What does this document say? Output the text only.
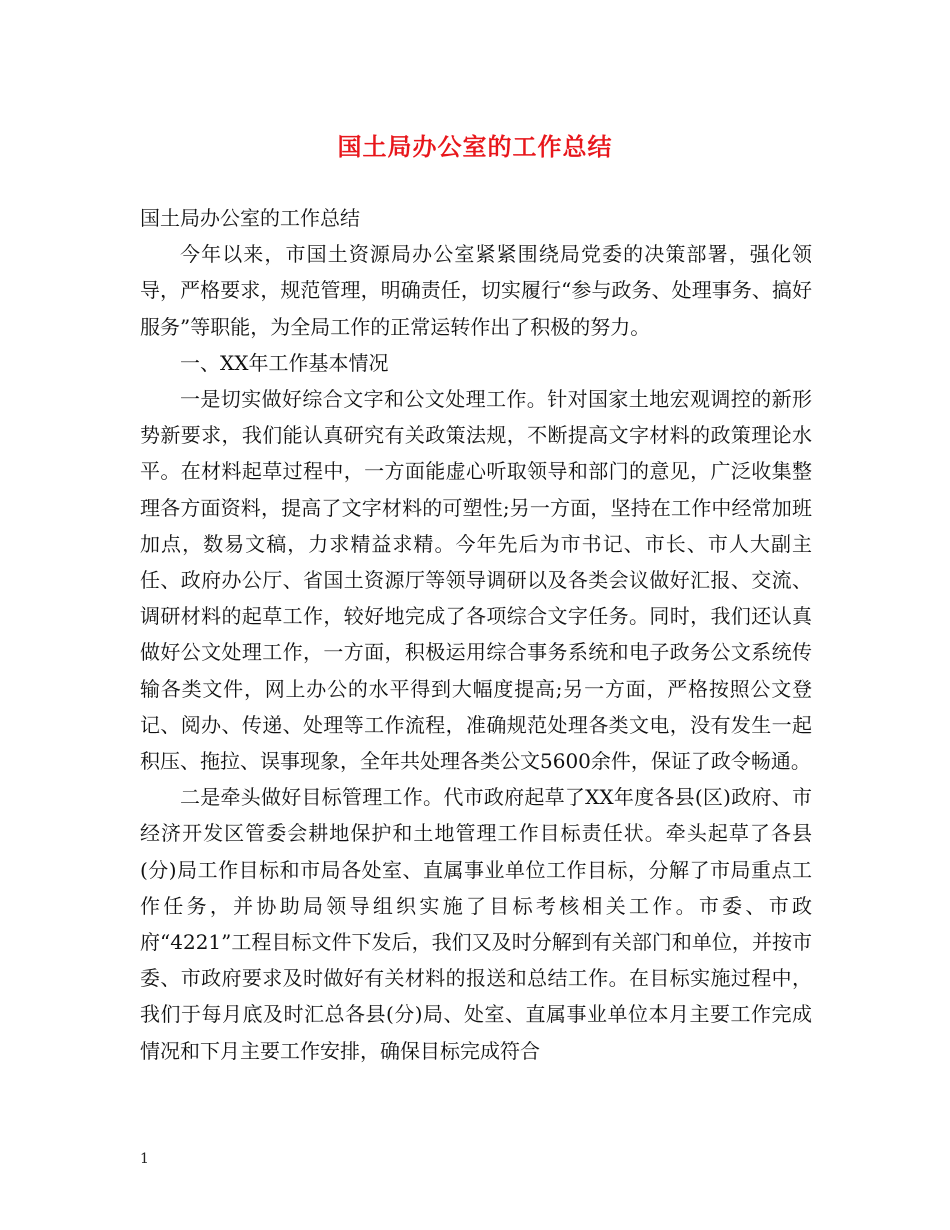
国土局办公室的工作总结

国土局办公室的工作总结

今年以来，市国土资源局办公室紧紧围绕局党委的决策部署，强化领导，严格要求，规范管理，明确责任，切实履行“参与政务、处理事务、搞好服务”等职能，为全局工作的正常运转作出了积极的努力。

一、XX年工作基本情况

一是切实做好综合文字和公文处理工作。针对国家土地宏观调控的新形势新要求，我们能认真研究有关政策法规，不断提高文字材料的政策理论水平。在材料起草过程中，一方面能虚心听取领导和部门的意见，广泛收集整理各方面资料，提高了文字材料的可塑性;另一方面，坚持在工作中经常加班加点，数易文稿，力求精益求精。今年先后为市书记、市长、市人大副主任、政府办公厅、省国土资源厅等领导调研以及各类会议做好汇报、交流、调研材料的起草工作，较好地完成了各项综合文字任务。同时，我们还认真做好公文处理工作，一方面，积极运用综合事务系统和电子政务公文系统传输各类文件，网上办公的水平得到大幅度提高;另一方面，严格按照公文登记、阅办、传递、处理等工作流程，准确规范处理各类文电，没有发生一起积压、拖拉、误事现象，全年共处理各类公文5600余件，保证了政令畅通。

二是牵头做好目标管理工作。代市政府起草了XX年度各县(区)政府、市经济开发区管委会耕地保护和土地管理工作目标责任状。牵头起草了各县(分)局工作目标和市局各处室、直属事业单位工作目标，分解了市局重点工作任务，并协助局领导组织实施了目标考核相关工作。市委、市政府“4221”工程目标文件下发后，我们又及时分解到有关部门和单位，并按市委、市政府要求及时做好有关材料的报送和总结工作。在目标实施过程中，我们于每月底及时汇总各县(分)局、处室、直属事业单位本月主要工作完成情况和下月主要工作安排，确保目标完成符合

1
